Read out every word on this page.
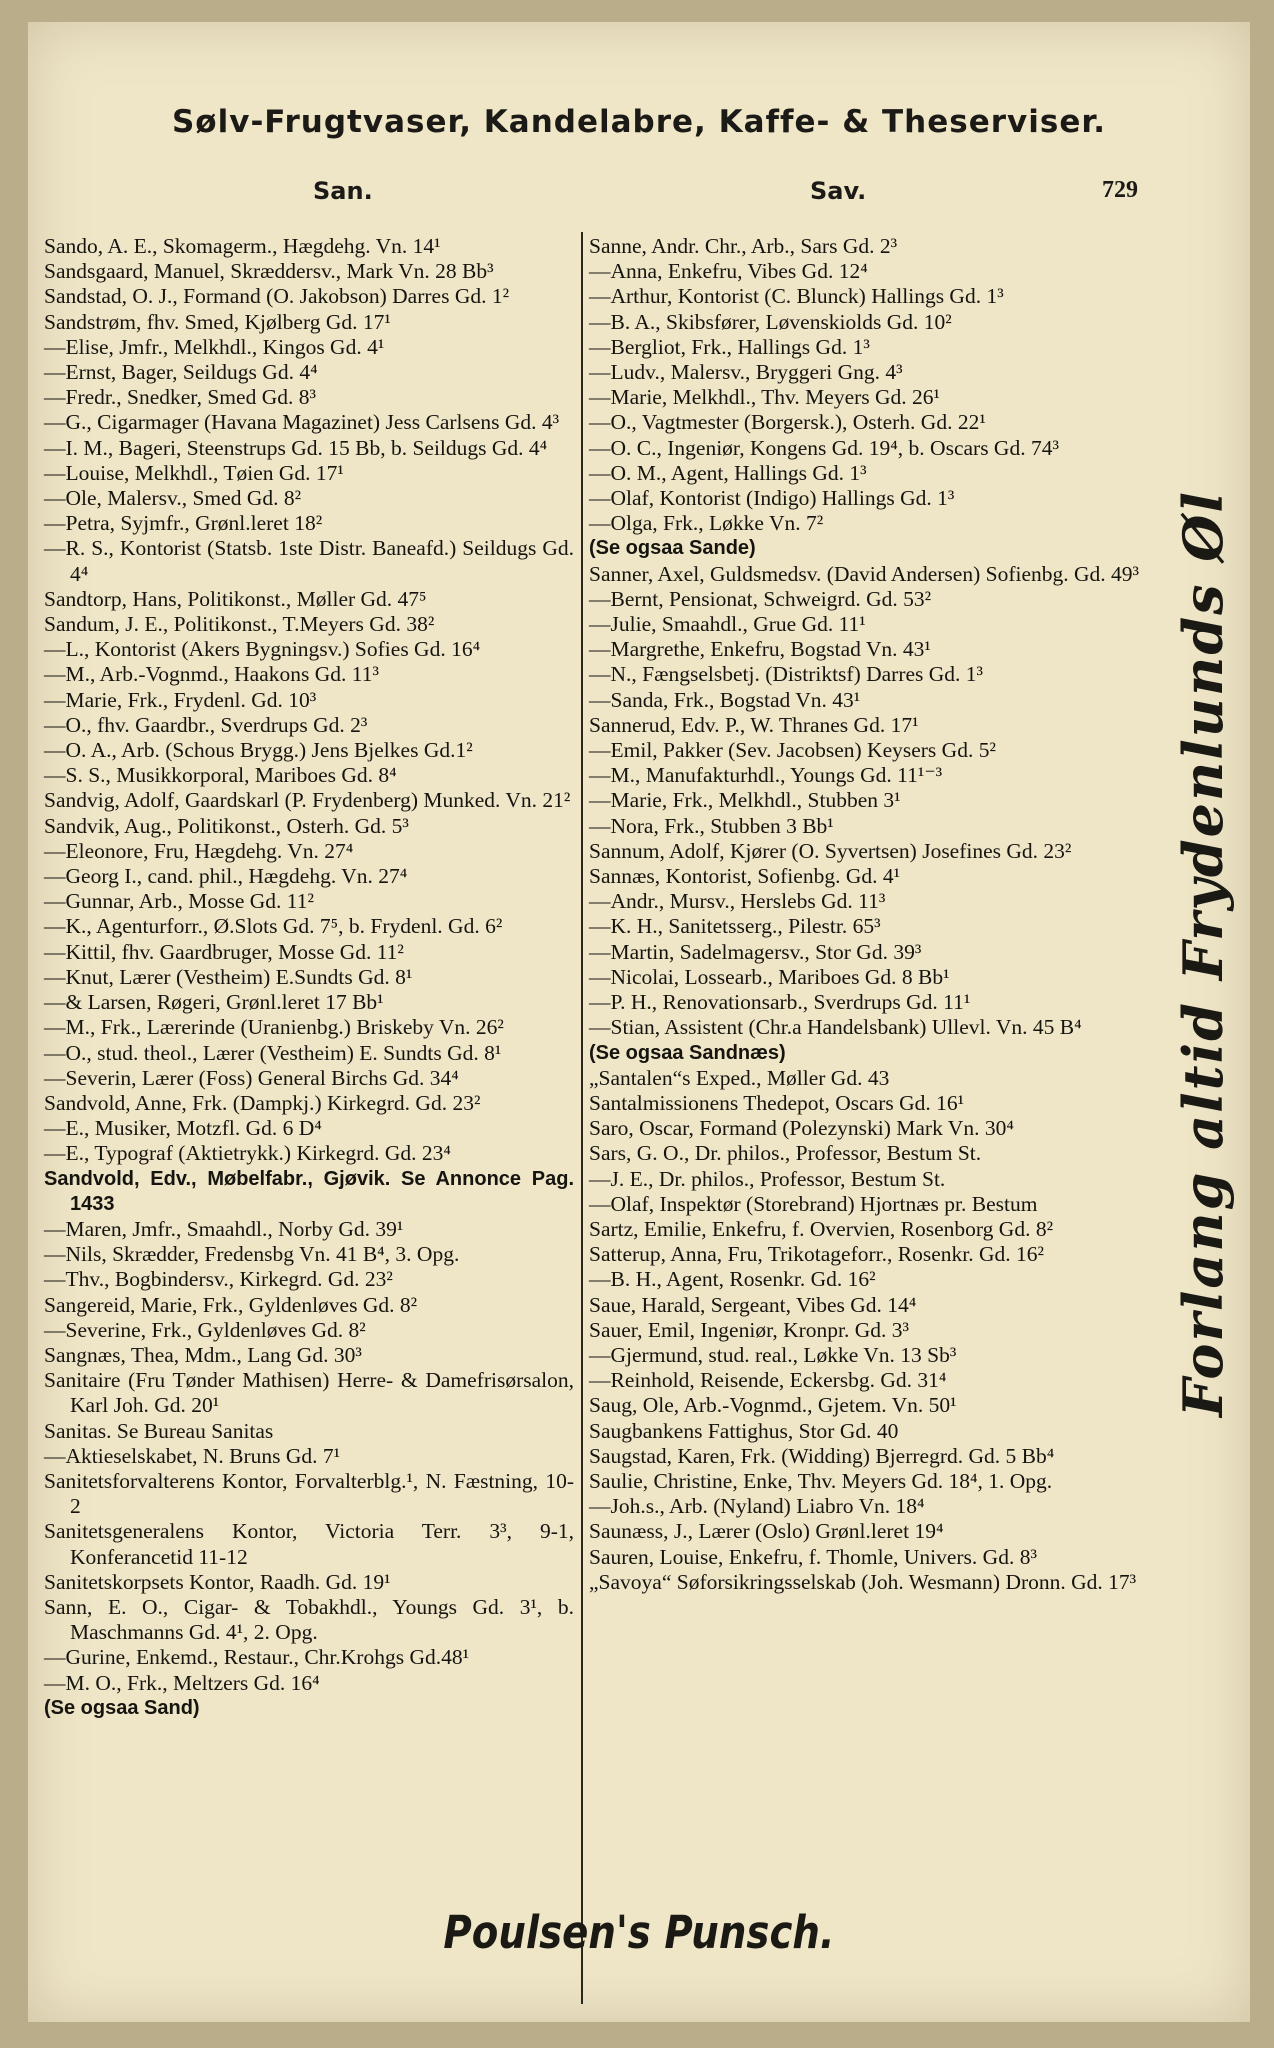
Sølv-Frugtvaser, Kandelabre, Kaffe- & Theserviser.
San.	Sav.	729
Sando, A. E., Skomagerm., Hægdehg. Vn. 14¹
Sandsgaard, Manuel, Skræddersv., Mark Vn. 28 Bb³
Sandstad, O. J., Formand (O. Jakobson) Darres Gd. 1²
Sandstrøm, fhv. Smed, Kjølberg Gd. 17¹
—Elise, Jmfr., Melkhdl., Kingos Gd. 4¹
—Ernst, Bager, Seildugs Gd. 4⁴
—Fredr., Snedker, Smed Gd. 8³
—G., Cigarmager (Havana Magazinet) Jess Carlsens Gd. 4³
—I. M., Bageri, Steenstrups Gd. 15 Bb, b. Seildugs Gd. 4⁴
—Louise, Melkhdl., Tøien Gd. 17¹
—Ole, Malersv., Smed Gd. 8²
—Petra, Syjmfr., Grønl.leret 18²
—R. S., Kontorist (Statsb. 1ste Distr. Baneafd.) Seildugs Gd. 4⁴
Sandtorp, Hans, Politikonst., Møller Gd. 47⁵
Sandum, J. E., Politikonst., T.Meyers Gd. 38²
—L., Kontorist (Akers Bygningsv.) Sofies Gd. 16⁴
—M., Arb.-Vognmd., Haakons Gd. 11³
—Marie, Frk., Frydenl. Gd. 10³
—O., fhv. Gaardbr., Sverdrups Gd. 2³
—O. A., Arb. (Schous Brygg.) Jens Bjelkes Gd.1²
—S. S., Musikkorporal, Mariboes Gd. 8⁴
Sandvig, Adolf, Gaardskarl (P. Frydenberg) Munked. Vn. 21²
Sandvik, Aug., Politikonst., Osterh. Gd. 5³
—Eleonore, Fru, Hægdehg. Vn. 27⁴
—Georg I., cand. phil., Hægdehg. Vn. 27⁴
—Gunnar, Arb., Mosse Gd. 11²
—K., Agenturforr., Ø.Slots Gd. 7⁵, b. Frydenl. Gd. 6²
—Kittil, fhv. Gaardbruger, Mosse Gd. 11²
—Knut, Lærer (Vestheim) E.Sundts Gd. 8¹
—& Larsen, Røgeri, Grønl.leret 17 Bb¹
—M., Frk., Lærerinde (Uranienbg.) Briskeby Vn. 26²
—O., stud. theol., Lærer (Vestheim) E. Sundts Gd. 8¹
—Severin, Lærer (Foss) General Birchs Gd. 34⁴
Sandvold, Anne, Frk. (Dampkj.) Kirkegrd. Gd. 23²
—E., Musiker, Motzfl. Gd. 6 D⁴
—E., Typograf (Aktietrykk.) Kirkegrd. Gd. 23⁴
Sandvold, Edv., Møbelfabr., Gjøvik. Se Annonce Pag. 1433
—Maren, Jmfr., Smaahdl., Norby Gd. 39¹
—Nils, Skrædder, Fredensbg Vn. 41 B⁴, 3. Opg.
—Thv., Bogbindersv., Kirkegrd. Gd. 23²
Sangereid, Marie, Frk., Gyldenløves Gd. 8²
—Severine, Frk., Gyldenløves Gd. 8²
Sangnæs, Thea, Mdm., Lang Gd. 30³
Sanitaire (Fru Tønder Mathisen) Herre- & Damefrisørsalon, Karl Joh. Gd. 20¹
Sanitas. Se Bureau Sanitas
—Aktieselskabet, N. Bruns Gd. 7¹
Sanitetsforvalterens Kontor, Forvalterblg.¹, N. Fæstning, 10-2
Sanitetsgeneralens Kontor, Victoria Terr. 3³, 9-1, Konferancetid 11-12
Sanitetskorpsets Kontor, Raadh. Gd. 19¹
Sann, E. O., Cigar- & Tobakhdl., Youngs Gd. 3¹, b. Maschmanns Gd. 4¹, 2. Opg.
—Gurine, Enkemd., Restaur., Chr.Krohgs Gd.48¹
—M. O., Frk., Meltzers Gd. 16⁴
(Se ogsaa Sand)
Sanne, Andr. Chr., Arb., Sars Gd. 2³
—Anna, Enkefru, Vibes Gd. 12⁴
—Arthur, Kontorist (C. Blunck) Hallings Gd. 1³
—B. A., Skibsfører, Løvenskiolds Gd. 10²
—Bergliot, Frk., Hallings Gd. 1³
—Ludv., Malersv., Bryggeri Gng. 4³
—Marie, Melkhdl., Thv. Meyers Gd. 26¹
—O., Vagtmester (Borgersk.), Osterh. Gd. 22¹
—O. C., Ingeniør, Kongens Gd. 19⁴, b. Oscars Gd. 74³
—O. M., Agent, Hallings Gd. 1³
—Olaf, Kontorist (Indigo) Hallings Gd. 1³
—Olga, Frk., Løkke Vn. 7²
(Se ogsaa Sande)
Sanner, Axel, Guldsmedsv. (David Andersen) Sofienbg. Gd. 49³
—Bernt, Pensionat, Schweigrd. Gd. 53²
—Julie, Smaahdl., Grue Gd. 11¹
—Margrethe, Enkefru, Bogstad Vn. 43¹
—N., Fængselsbetj. (Distriktsf) Darres Gd. 1³
—Sanda, Frk., Bogstad Vn. 43¹
Sannerud, Edv. P., W. Thranes Gd. 17¹
—Emil, Pakker (Sev. Jacobsen) Keysers Gd. 5²
—M., Manufakturhdl., Youngs Gd. 11¹⁻³
—Marie, Frk., Melkhdl., Stubben 3¹
—Nora, Frk., Stubben 3 Bb¹
Sannum, Adolf, Kjører (O. Syvertsen) Josefines Gd. 23²
Sannæs, Kontorist, Sofienbg. Gd. 4¹
—Andr., Mursv., Herslebs Gd. 11³
—K. H., Sanitetsserg., Pilestr. 65³
—Martin, Sadelmagersv., Stor Gd. 39³
—Nicolai, Lossearb., Mariboes Gd. 8 Bb¹
—P. H., Renovationsarb., Sverdrups Gd. 11¹
—Stian, Assistent (Chr.a Handelsbank) Ullevl. Vn. 45 B⁴
(Se ogsaa Sandnæs)
„Santalen“s Exped., Møller Gd. 43
Santalmissionens Thedepot, Oscars Gd. 16¹
Saro, Oscar, Formand (Polezynski) Mark Vn. 30⁴
Sars, G. O., Dr. philos., Professor, Bestum St.
—J. E., Dr. philos., Professor, Bestum St.
—Olaf, Inspektør (Storebrand) Hjortnæs pr. Bestum
Sartz, Emilie, Enkefru, f. Overvien, Rosenborg Gd. 8²
Satterup, Anna, Fru, Trikotageforr., Rosenkr. Gd. 16²
—B. H., Agent, Rosenkr. Gd. 16²
Saue, Harald, Sergeant, Vibes Gd. 14⁴
Sauer, Emil, Ingeniør, Kronpr. Gd. 3³
—Gjermund, stud. real., Løkke Vn. 13 Sb³
—Reinhold, Reisende, Eckersbg. Gd. 31⁴
Saug, Ole, Arb.-Vognmd., Gjetem. Vn. 50¹
Saugbankens Fattighus, Stor Gd. 40
Saugstad, Karen, Frk. (Widding) Bjerregrd. Gd. 5 Bb⁴
Saulie, Christine, Enke, Thv. Meyers Gd. 18⁴, 1. Opg.
—Joh.s., Arb. (Nyland) Liabro Vn. 18⁴
Saunæss, J., Lærer (Oslo) Grønl.leret 19⁴
Sauren, Louise, Enkefru, f. Thomle, Univers. Gd. 8³
„Savoya“ Søforsikringsselskab (Joh. Wesmann) Dronn. Gd. 17³
Forlang altid Frydenlunds Øl
Poulsen's Punsch.
